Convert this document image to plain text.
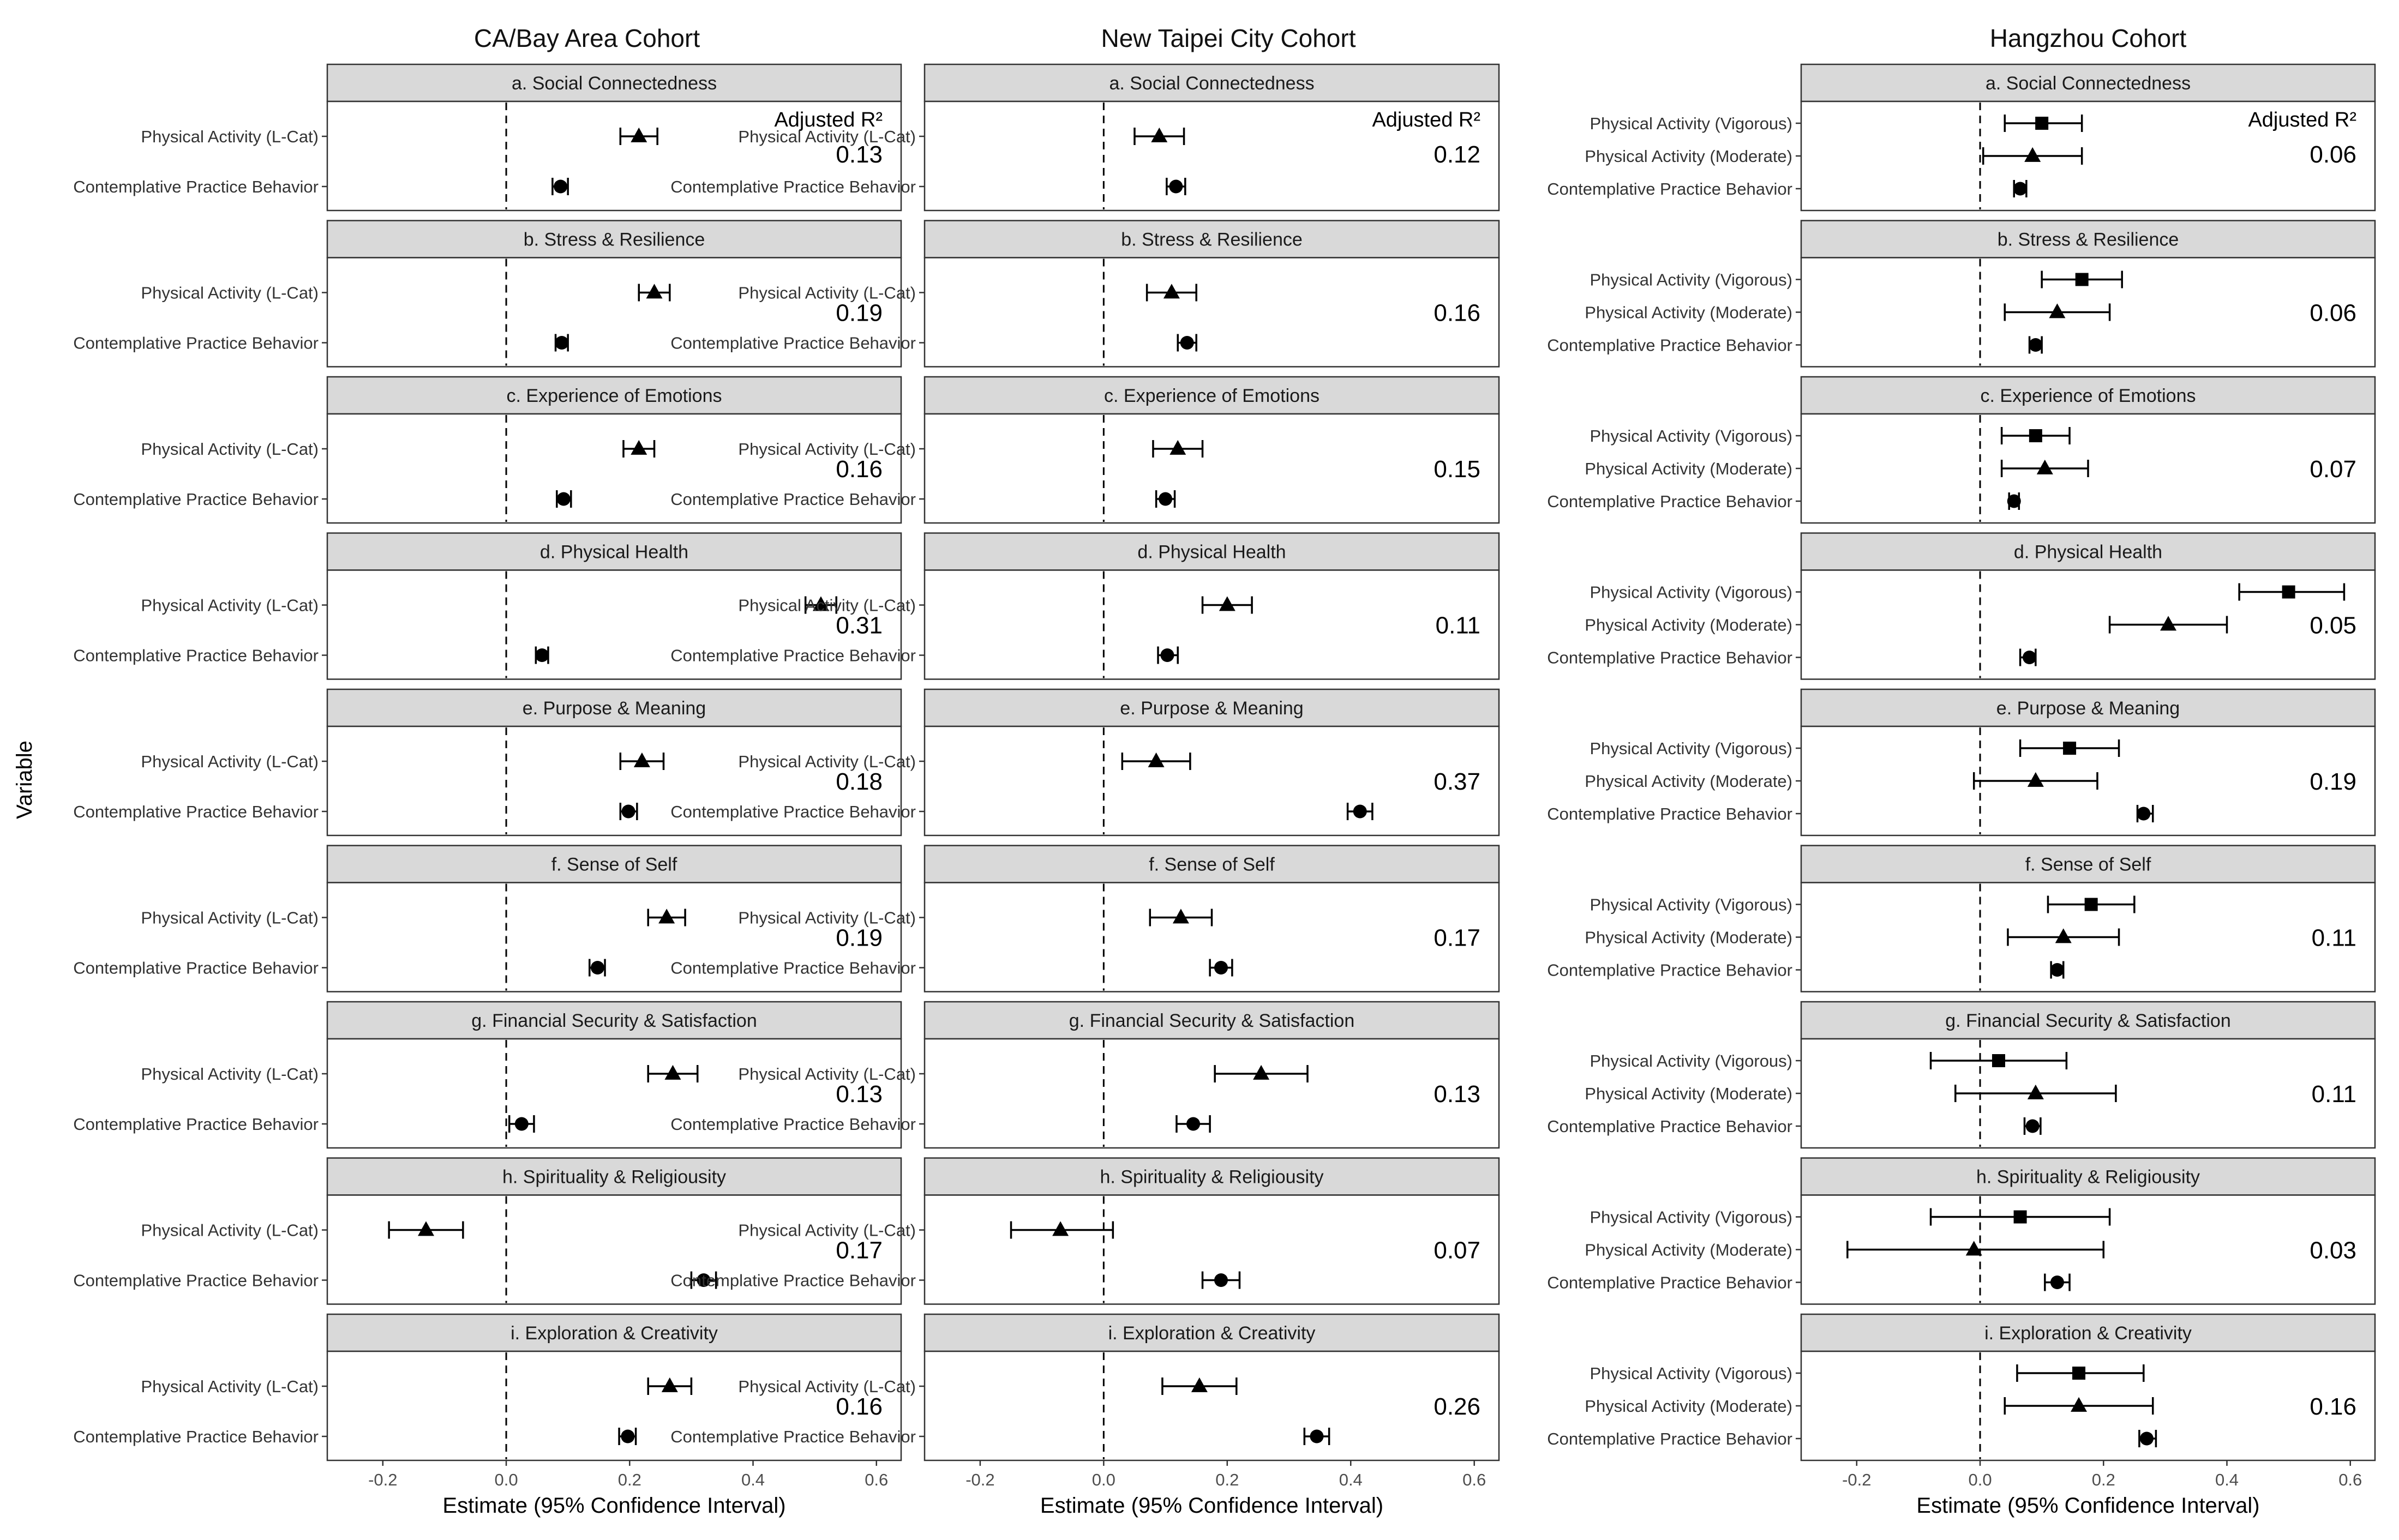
Variable
CA/Bay Area Cohort
a. Social Connectedness
Adjusted R²
0.13
Physical Activity (L-Cat)
Contemplative Practice Behavior
b. Stress & Resilience
0.19
Physical Activity (L-Cat)
Contemplative Practice Behavior
c. Experience of Emotions
0.16
Physical Activity (L-Cat)
Contemplative Practice Behavior
d. Physical Health
0.31
Physical Activity (L-Cat)
Contemplative Practice Behavior
e. Purpose & Meaning
0.18
Physical Activity (L-Cat)
Contemplative Practice Behavior
f. Sense of Self
0.19
Physical Activity (L-Cat)
Contemplative Practice Behavior
g. Financial Security & Satisfaction
0.13
Physical Activity (L-Cat)
Contemplative Practice Behavior
h. Spirituality & Religiousity
0.17
Physical Activity (L-Cat)
Contemplative Practice Behavior
i. Exploration & Creativity
0.16
Physical Activity (L-Cat)
Contemplative Practice Behavior
-0.2	0.0	0.2	0.4	0.6
Estimate (95% Confidence Interval)
New Taipei City Cohort
a. Social Connectedness
Adjusted R²
0.12
Physical Activity (L-Cat)
Contemplative Practice Behavior
b. Stress & Resilience
0.16
Physical Activity (L-Cat)
Contemplative Practice Behavior
c. Experience of Emotions
0.15
Physical Activity (L-Cat)
Contemplative Practice Behavior
d. Physical Health
0.11
Physical Activity (L-Cat)
Contemplative Practice Behavior
e. Purpose & Meaning
0.37
Physical Activity (L-Cat)
Contemplative Practice Behavior
f. Sense of Self
0.17
Physical Activity (L-Cat)
Contemplative Practice Behavior
g. Financial Security & Satisfaction
0.13
Physical Activity (L-Cat)
Contemplative Practice Behavior
h. Spirituality & Religiousity
0.07
Physical Activity (L-Cat)
Contemplative Practice Behavior
i. Exploration & Creativity
0.26
Physical Activity (L-Cat)
Contemplative Practice Behavior
-0.2	0.0	0.2	0.4	0.6
Estimate (95% Confidence Interval)
Hangzhou Cohort
a. Social Connectedness
Adjusted R²
0.06
Physical Activity (Vigorous)
Physical Activity (Moderate)
Contemplative Practice Behavior
b. Stress & Resilience
0.06
Physical Activity (Vigorous)
Physical Activity (Moderate)
Contemplative Practice Behavior
c. Experience of Emotions
0.07
Physical Activity (Vigorous)
Physical Activity (Moderate)
Contemplative Practice Behavior
d. Physical Health
0.05
Physical Activity (Vigorous)
Physical Activity (Moderate)
Contemplative Practice Behavior
e. Purpose & Meaning
0.19
Physical Activity (Vigorous)
Physical Activity (Moderate)
Contemplative Practice Behavior
f. Sense of Self
0.11
Physical Activity (Vigorous)
Physical Activity (Moderate)
Contemplative Practice Behavior
g. Financial Security & Satisfaction
0.11
Physical Activity (Vigorous)
Physical Activity (Moderate)
Contemplative Practice Behavior
h. Spirituality & Religiousity
0.03
Physical Activity (Vigorous)
Physical Activity (Moderate)
Contemplative Practice Behavior
i. Exploration & Creativity
0.16
Physical Activity (Vigorous)
Physical Activity (Moderate)
Contemplative Practice Behavior
-0.2	0.0	0.2	0.4	0.6
Estimate (95% Confidence Interval)
